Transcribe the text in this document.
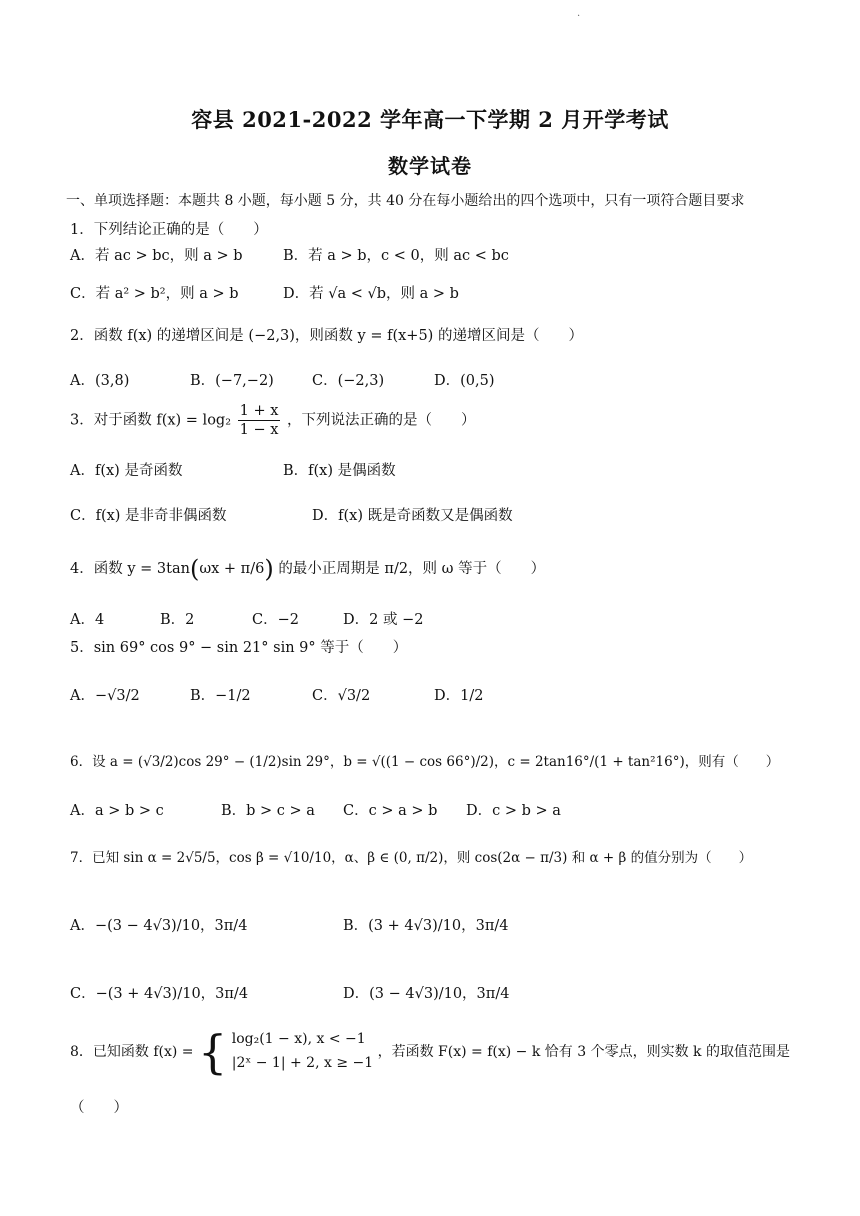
.
容县 2021-2022 学年高一下学期 2 月开学考试
数学试卷
一、单项选择题：本题共 8 小题，每小题 5 分，共 40 分在每小题给出的四个选项中，只有一项符合题目要求
1．下列结论正确的是（　　）
A．若 ac > bc，则 a > b	B．若 a > b，c < 0，则 ac < bc
C．若 a² > b²，则 a > b	D．若 √a < √b，则 a > b
2．函数 f(x) 的递增区间是 (−2,3)，则函数 y = f(x+5) 的递增区间是（　　）
A．(3,8)	B．(−7,−2)	C．(−2,3)	D．(0,5)
3．对于函数 $f(x) = \log_2 \frac{1 + x}{1 - x}$ ，下列说法正确的是（　　）
A．f(x) 是奇函数	B．f(x) 是偶函数
C．f(x) 是非奇非偶函数	D．f(x) 既是奇函数又是偶函数
4．函数 y = 3tan(ωx + π/6) 的最小正周期是 π/2，则 ω 等于（　　）
A．4	B．2	C．−2	D．2 或 −2
5．sin 69° cos 9° − sin 21° sin 9° 等于（　　）
A．−√3/2	B．−1/2	C．√3/2	D．1/2
6．设 a = (√3/2)cos 29° − (1/2)sin 29°，b = √((1 − cos 66°)/2)，c = 2tan16°/(1 + tan²16°)，则有（　　）
A．a > b > c	B．b > c > a C．c > a > b D．c > b > a
7．已知 sin α = 2√5/5，cos β = √10/10，α、β ∈ (0, π/2)，则 cos(2α − π/3) 和 α + β 的值分别为（　　）
A．−(3 − 4√3)/10，3π/4	B．(3 + 4√3)/10，3π/4
C．−(3 + 4√3)/10，3π/4	D．(3 − 4√3)/10，3π/4
8．已知函数 f(x) = { log₂(1 − x), x < −1
|2ˣ − 1| + 2, x ≥ −1
，若函数 F(x) = f(x) − k 恰有 3 个零点，则实数 k 的取值范围是
（　　）
